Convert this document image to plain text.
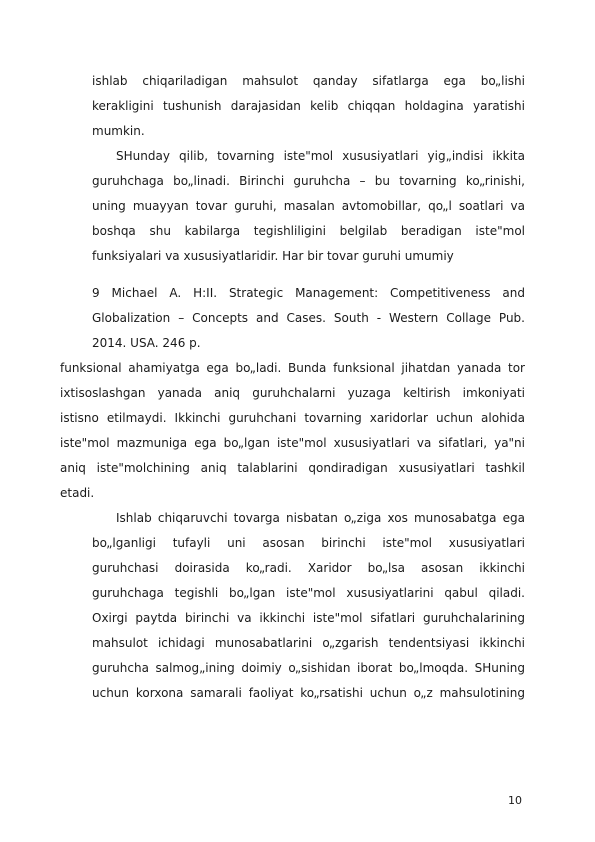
ishlab chiqariladigan mahsulot qanday sifatlarga ega bo„lishi
kerakligini tushunish darajasidan kelib chiqqan holdagina yaratishi
mumkin.
SHunday qilib, tovarning iste"mol xususiyatlari yig„indisi ikkita
guruhchaga bo„linadi. Birinchi guruhcha – bu tovarning ko„rinishi,
uning muayyan tovar guruhi, masalan avtomobillar, qo„l soatlari va
boshqa shu kabilarga tegishliligini belgilab beradigan iste"mol
funksiyalari va xususiyatlaridir. Har bir tovar guruhi umumiy
9 Michael A. H:II. Strategic Management: Competitiveness and
Globalization – Concepts and Cases. South - Western Collage Pub.
2014. USA. 246 p.
funksional ahamiyatga ega bo„ladi. Bunda funksional jihatdan yanada tor
ixtisoslashgan yanada aniq guruhchalarni yuzaga keltirish imkoniyati
istisno etilmaydi. Ikkinchi guruhchani tovarning xaridorlar uchun alohida
iste"mol mazmuniga ega bo„lgan iste"mol xususiyatlari va sifatlari, ya"ni
aniq iste"molchining aniq talablarini qondiradigan xususiyatlari tashkil
etadi.
Ishlab chiqaruvchi tovarga nisbatan o„ziga xos munosabatga ega
bo„lganligi tufayli uni asosan birinchi iste"mol xususiyatlari
guruhchasi doirasida ko„radi. Xaridor bo„lsa asosan ikkinchi
guruhchaga tegishli bo„lgan iste"mol xususiyatlarini qabul qiladi.
Oxirgi paytda birinchi va ikkinchi iste"mol sifatlari guruhchalarining
mahsulot ichidagi munosabatlarini o„zgarish tendentsiyasi ikkinchi
guruhcha salmog„ining doimiy o„sishidan iborat bo„lmoqda. SHuning
uchun korxona samarali faoliyat ko„rsatishi uchun o„z mahsulotining
10
